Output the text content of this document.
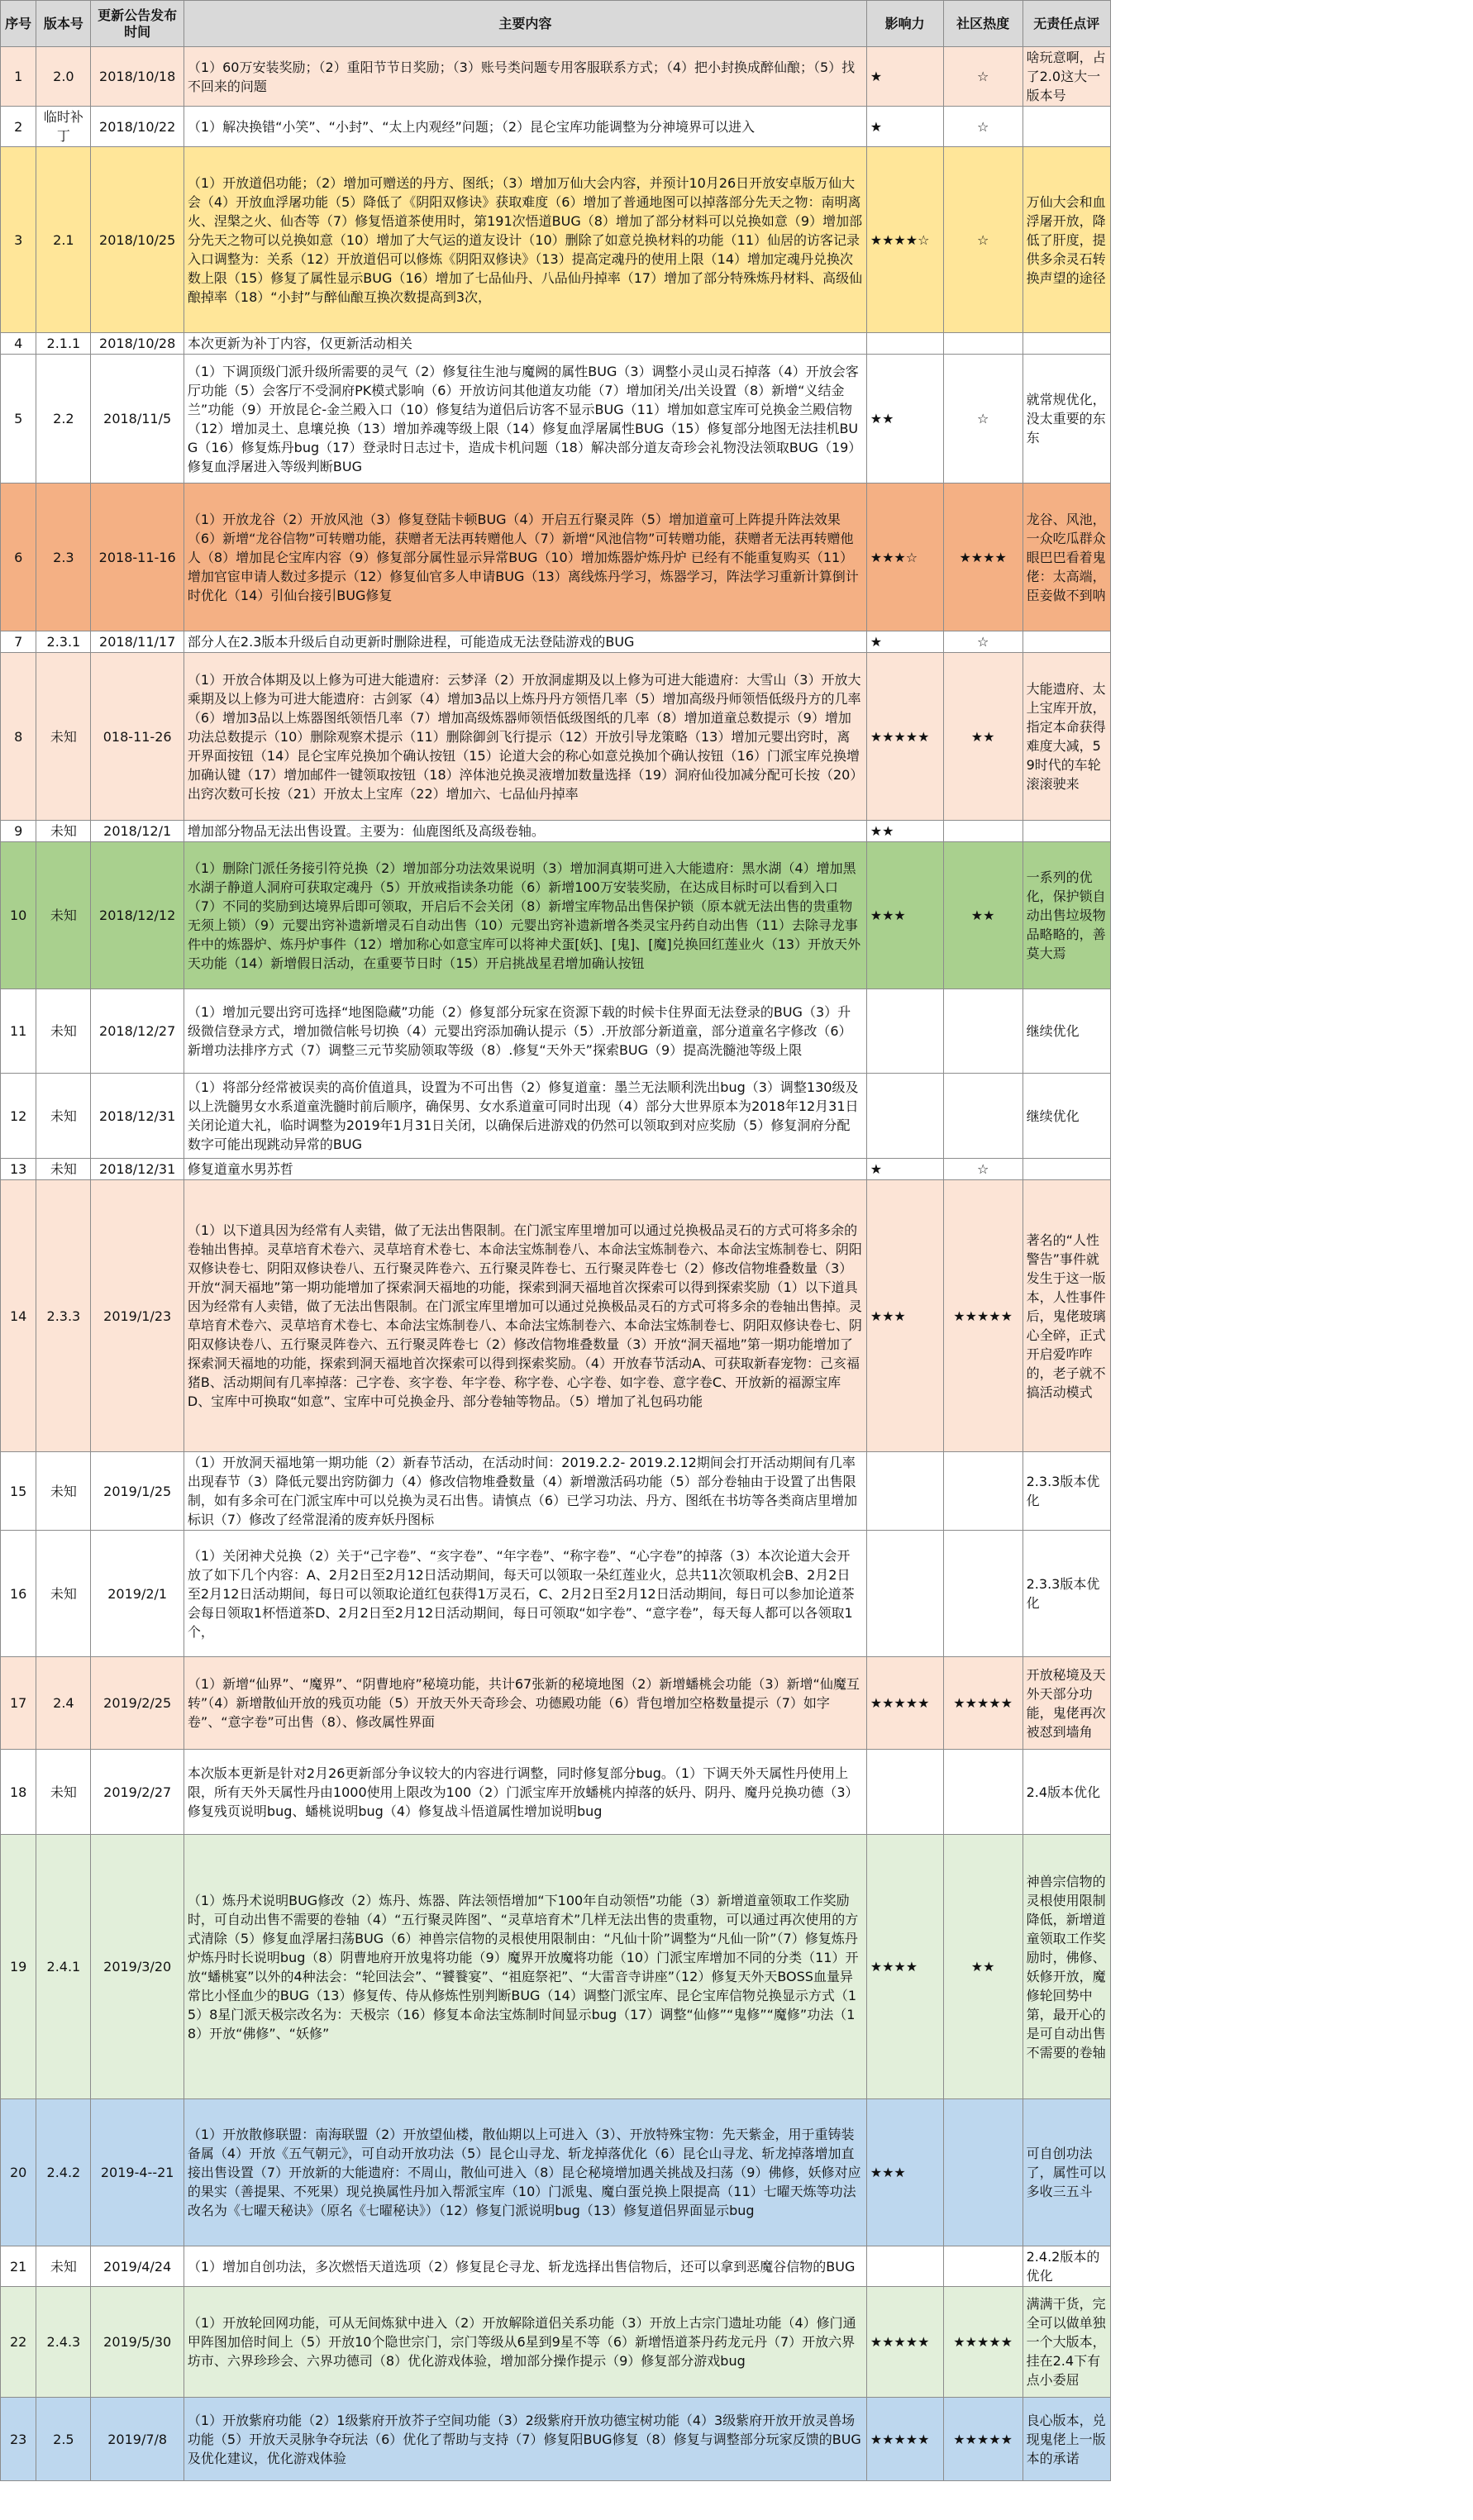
序号	版本号	更新公告发布时间	主要内容	影响力	社区热度	无责任点评
1	2.0	2018/10/18	（1）60万安装奖励；（2）重阳节节日奖励；（3）账号类问题专用客服联系方式；（4）把小封换成醉仙酿；（5）找不回来的问题	★	☆	啥玩意啊，占了2.0这大一版本号
2	临时补丁	2018/10/22	（1）解决换错“小笑”、“小封”、“太上内观经”问题；（2）昆仑宝库功能调整为分神境界可以进入	★	☆	
3	2.1	2018/10/25	（1）开放道侣功能；（2）增加可赠送的丹方、图纸；（3）增加万仙大会内容，并预计10月26日开放安卓版万仙大会（4）开放血浮屠功能（5）降低了《阴阳双修诀》获取难度（6）增加了普通地图可以掉落部分先天之物：南明离火、涅槃之火、仙杏等（7）修复悟道茶使用时，第191次悟道BUG（8）增加了部分材料可以兑换如意（9）增加部分先天之物可以兑换如意（10）增加了大气运的道友设计（10）删除了如意兑换材料的功能（11）仙居的访客记录入口调整为：关系（12）开放道侣可以修炼《阴阳双修诀》（13）提高定魂丹的使用上限（14）增加定魂丹兑换次数上限（15）修复了属性显示BUG（16）增加了七品仙丹、八品仙丹掉率（17）增加了部分特殊炼丹材料、高级仙酿掉率（18）“小封”与醉仙酿互换次数提高到3次，	★★★★☆	☆	万仙大会和血浮屠开放，降低了肝度，提供多余灵石转换声望的途径
4	2.1.1	2018/10/28	本次更新为补丁内容，仅更新活动相关			
5	2.2	2018/11/5	（1）下调顶级门派升级所需要的灵气（2）修复往生池与魔阙的属性BUG（3）调整小灵山灵石掉落（4）开放会客厅功能（5）会客厅不受洞府PK模式影响（6）开放访问其他道友功能（7）增加闭关/出关设置（8）新增“义结金兰”功能（9）开放昆仑-金兰殿入口（10）修复结为道侣后访客不显示BUG（11）增加如意宝库可兑换金兰殿信物（12）增加灵土、息壤兑换（13）增加养魂等级上限（14）修复血浮屠属性BUG（15）修复部分地图无法挂机BUG（16）修复炼丹bug（17）登录时日志过卡，造成卡机问题（18）解决部分道友奇珍会礼物没法领取BUG（19）修复血浮屠进入等级判断BUG	★★	☆	就常规优化，没太重要的东东
6	2.3	2018-11-16	（1）开放龙谷（2）开放风池（3）修复登陆卡顿BUG（4）开启五行聚灵阵（5）增加道童可上阵提升阵法效果（6）新增“龙谷信物”可转赠功能，获赠者无法再转赠他人（7）新增“风池信物”可转赠功能，获赠者无法再转赠他人（8）增加昆仑宝库内容（9）修复部分属性显示异常BUG（10）增加炼器炉炼丹炉 已经有不能重复购买（11）增加官宦申请人数过多提示（12）修复仙官多人申请BUG（13）离线炼丹学习，炼器学习，阵法学习重新计算倒计时优化（14）引仙台接引BUG修复	★★★☆	★★★★	龙谷、风池，一众吃瓜群众眼巴巴看着鬼佬：太高端，臣妾做不到呐
7	2.3.1	2018/11/17	部分人在2.3版本升级后自动更新时删除进程，可能造成无法登陆游戏的BUG	★	☆	
8	未知	018-11-26	（1）开放合体期及以上修为可进大能遗府：云梦泽（2）开放洞虚期及以上修为可进大能遗府：大雪山（3）开放大乘期及以上修为可进大能遗府：古剑冢（4）增加3品以上炼丹丹方领悟几率（5）增加高级丹师领悟低级丹方的几率（6）增加3品以上炼器图纸领悟几率（7）增加高级炼器师领悟低级图纸的几率（8）增加道童总数提示（9）增加功法总数提示（10）删除观察术提示（11）删除御剑飞行提示（12）开放引导龙策略（13）增加元婴出窍时，离开界面按钮（14）昆仑宝库兑换加个确认按钮（15）论道大会的称心如意兑换加个确认按钮（16）门派宝库兑换增加确认键（17）增加邮件一键领取按钮（18）淬体池兑换灵液增加数量选择（19）洞府仙役加减分配可长按（20）出窍次数可长按（21）开放太上宝库（22）增加六、七品仙丹掉率	★★★★★	★★	大能遗府、太上宝库开放，指定本命获得难度大减，59时代的车轮滚滚驶来
9	未知	2018/12/1	增加部分物品无法出售设置。主要为：仙鹿图纸及高级卷轴。	★★		
10	未知	2018/12/12	（1）删除门派任务接引符兑换（2）增加部分功法效果说明（3）增加洞真期可进入大能遗府：黑水湖（4）增加黑水湖子静道人洞府可获取定魂丹（5）开放戒指读条功能（6）新增100万安装奖励，在达成目标时可以看到入口（7）不同的奖励到达境界后即可领取，开启后不会关闭（8）新增宝库物品出售保护锁（原本就无法出售的贵重物无须上锁）（9）元婴出窍补遗新增灵石自动出售（10）元婴出窍补遗新增各类灵宝丹药自动出售（11）去除寻龙事件中的炼器炉、炼丹炉事件（12）增加称心如意宝库可以将神犬蛋[妖]、[鬼]、[魔]兑换回红莲业火（13）开放天外天功能（14）新增假日活动，在重要节日时（15）开启挑战星君增加确认按钮	★★★	★★	一系列的优化，保护锁自动出售垃圾物品略略的，善莫大焉
11	未知	2018/12/27	（1）增加元婴出窍可选择“地图隐藏”功能（2）修复部分玩家在资源下载的时候卡住界面无法登录的BUG（3）升级微信登录方式，增加微信帐号切换（4）元婴出窍添加确认提示（5）.开放部分新道童，部分道童名字修改（6）新增功法排序方式（7）调整三元节奖励领取等级（8）.修复“天外天”探索BUG（9）提高洗髓池等级上限			继续优化
12	未知	2018/12/31	（1）将部分经常被误卖的高价值道具，设置为不可出售（2）修复道童：墨兰无法顺利洗出bug（3）调整130级及以上洗髓男女水系道童洗髓时前后顺序，确保男、女水系道童可同时出现（4）部分大世界原本为2018年12月31日关闭论道大礼，临时调整为2019年1月31日关闭，以确保后进游戏的仍然可以领取到对应奖励（5）修复洞府分配数字可能出现跳动异常的BUG			继续优化
13	未知	2018/12/31	修复道童水男苏哲	★	☆	
14	2.3.3	2019/1/23	（1）以下道具因为经常有人卖错，做了无法出售限制。在门派宝库里增加可以通过兑换极品灵石的方式可将多余的卷轴出售掉。灵草培育术卷六、灵草培育术卷七、本命法宝炼制卷八、本命法宝炼制卷六、本命法宝炼制卷七、阴阳双修诀卷七、阴阳双修诀卷八、五行聚灵阵卷六、五行聚灵阵卷七、五行聚灵阵卷七（2）修改信物堆叠数量（3）开放“洞天福地”第一期功能增加了探索洞天福地的功能，探索到洞天福地首次探索可以得到探索奖励（1）以下道具因为经常有人卖错，做了无法出售限制。在门派宝库里增加可以通过兑换极品灵石的方式可将多余的卷轴出售掉。灵草培育术卷六、灵草培育术卷七、本命法宝炼制卷八、本命法宝炼制卷六、本命法宝炼制卷七、阴阳双修诀卷七、阴阳双修诀卷八、五行聚灵阵卷六、五行聚灵阵卷七（2）修改信物堆叠数量（3）开放“洞天福地”第一期功能增加了探索洞天福地的功能，探索到洞天福地首次探索可以得到探索奖励。（4）开放春节活动A、可获取新春宠物：己亥福猪B、活动期间有几率掉落：己字卷、亥字卷、年字卷、称字卷、心字卷、如字卷、意字卷C、开放新的福源宝库D、宝库中可换取“如意”、宝库中可兑换金丹、部分卷轴等物品。（5）增加了礼包码功能	★★★	★★★★★	著名的“人性警告”事件就发生于这一版本，人性事件后，鬼佬玻璃心全碎，正式开启爱咋咋的，老子就不搞活动模式
15	未知	2019/1/25	（1）开放洞天福地第一期功能（2）新春节活动，在活动时间：2019.2.2- 2019.2.12期间会打开活动期间有几率出现春节（3）降低元婴出窍防御力（4）修改信物堆叠数量（4）新增激活码功能（5）部分卷轴由于设置了出售限制，如有多余可在门派宝库中可以兑换为灵石出售。请慎点（6）已学习功法、丹方、图纸在书坊等各类商店里增加标识（7）修改了经常混淆的废弃妖丹图标			2.3.3版本优化
16	未知	2019/2/1	（1）关闭神犬兑换（2）关于“己字卷”、“亥字卷”、“年字卷”、“称字卷”、“心字卷”的掉落（3）本次论道大会开放了如下几个内容：A、2月2日至2月12日活动期间，每天可以领取一朵红莲业火，总共11次领取机会B、2月2日至2月12日活动期间，每日可以领取论道红包获得1万灵石，C、2月2日至2月12日活动期间，每日可以参加论道茶会每日领取1杯悟道茶D、2月2日至2月12日活动期间，每日可领取“如字卷”、“意字卷”，每天每人都可以各领取1个，			2.3.3版本优化
17	2.4	2019/2/25	（1）新增“仙界”、“魔界”、“阴曹地府”秘境功能，共计67张新的秘境地图（2）新增蟠桃会功能（3）新增“仙魔互转”（4）新增散仙开放的残页功能（5）开放天外天奇珍会、功德殿功能（6）背包增加空格数量提示（7）如字卷”、“意字卷”可出售（8）、修改属性界面	★★★★★	★★★★★	开放秘境及天外天部分功能，鬼佬再次被怼到墙角
18	未知	2019/2/27	本次版本更新是针对2月26更新部分争议较大的内容进行调整，同时修复部分bug。（1）下调天外天属性丹使用上限，所有天外天属性丹由1000使用上限改为100（2）门派宝库开放蟠桃内掉落的妖丹、阴丹、魔丹兑换功德（3）修复残页说明bug、蟠桃说明bug（4）修复战斗悟道属性增加说明bug			2.4版本优化
19	2.4.1	2019/3/20	（1）炼丹术说明BUG修改（2）炼丹、炼器、阵法领悟增加“下100年自动领悟”功能（3）新增道童领取工作奖励时，可自动出售不需要的卷轴（4）“五行聚灵阵图”、“灵草培育术”几样无法出售的贵重物，可以通过再次使用的方式清除（5）修复血浮屠扫荡BUG（6）神兽宗信物的灵根使用限制由：“凡仙十阶”调整为“凡仙一阶”（7）修复炼丹炉炼丹时长说明bug（8）阴曹地府开放鬼将功能（9）魔界开放魔将功能（10）门派宝库增加不同的分类（11）开放“蟠桃宴”以外的4种法会：“轮回法会”、“饕餮宴”、“祖庭祭祀”、“大雷音寺讲座”（12）修复天外天BOSS血量异常比小怪血少的BUG（13）修复传、侍从修炼性别判断BUG（14）调整门派宝库、昆仑宝库信物兑换显示方式（15）8星门派天极宗改名为：天极宗（16）修复本命法宝炼制时间显示bug（17）调整“仙修”“鬼修”“魔修”功法（18）开放“佛修”、“妖修”	★★★★	★★	神兽宗信物的灵根使用限制降低，新增道童领取工作奖励时，佛修、妖修开放，魔修轮回势中第，最开心的是可自动出售不需要的卷轴
20	2.4.2	2019-4--21	（1）开放散修联盟：南海联盟（2）开放望仙楼，散仙期以上可进入（3）、开放特殊宝物：先天紫金，用于重铸装备属（4）开放《五气朝元》，可自动开放功法（5）昆仑山寻龙、斩龙掉落优化（6）昆仑山寻龙、斩龙掉落增加直接出售设置（7）开放新的大能遗府：不周山，散仙可进入（8）昆仑秘境增加遇关挑战及扫荡（9）佛修，妖修对应的果实（善提果、不死果）现兑换属性丹加入帮派宝库（10）门派鬼、魔白蛋兑换上限提高（11）七曜天炼等功法改名为《七曜天秘诀》（原名《七曜秘诀》）（12）修复门派说明bug（13）修复道侣界面显示bug	★★★		可自创功法了，属性可以多收三五斗
21	未知	2019/4/24	（1）增加自创功法，多次燃悟天道选项（2）修复昆仑寻龙、斩龙选择出售信物后，还可以拿到恶魔谷信物的BUG			2.4.2版本的优化
22	2.4.3	2019/5/30	（1）开放轮回网功能，可从无间炼狱中进入（2）开放解除道侣关系功能（3）开放上古宗门遗址功能（4）修门通甲阵图加倍时间上（5）开放10个隐世宗门，宗门等级从6星到9星不等（6）新增悟道茶丹药龙元丹（7）开放六界坊市、六界珍珍会、六界功德司（8）优化游戏体验，增加部分操作提示（9）修复部分游戏bug	★★★★★	★★★★★	满满干货，完全可以做单独一个大版本，挂在2.4下有点小委屈
23	2.5	2019/7/8	（1）开放紫府功能（2）1级紫府开放芥子空间功能（3）2级紫府开放功德宝树功能（4）3级紫府开放开放灵兽场功能（5）开放天灵脉争夺玩法（6）优化了帮助与支持（7）修复阳BUG修复（8）修复与调整部分玩家反馈的BUG及优化建议，优化游戏体验	★★★★★	★★★★★	良心版本，兑现鬼佬上一版本的承诺
